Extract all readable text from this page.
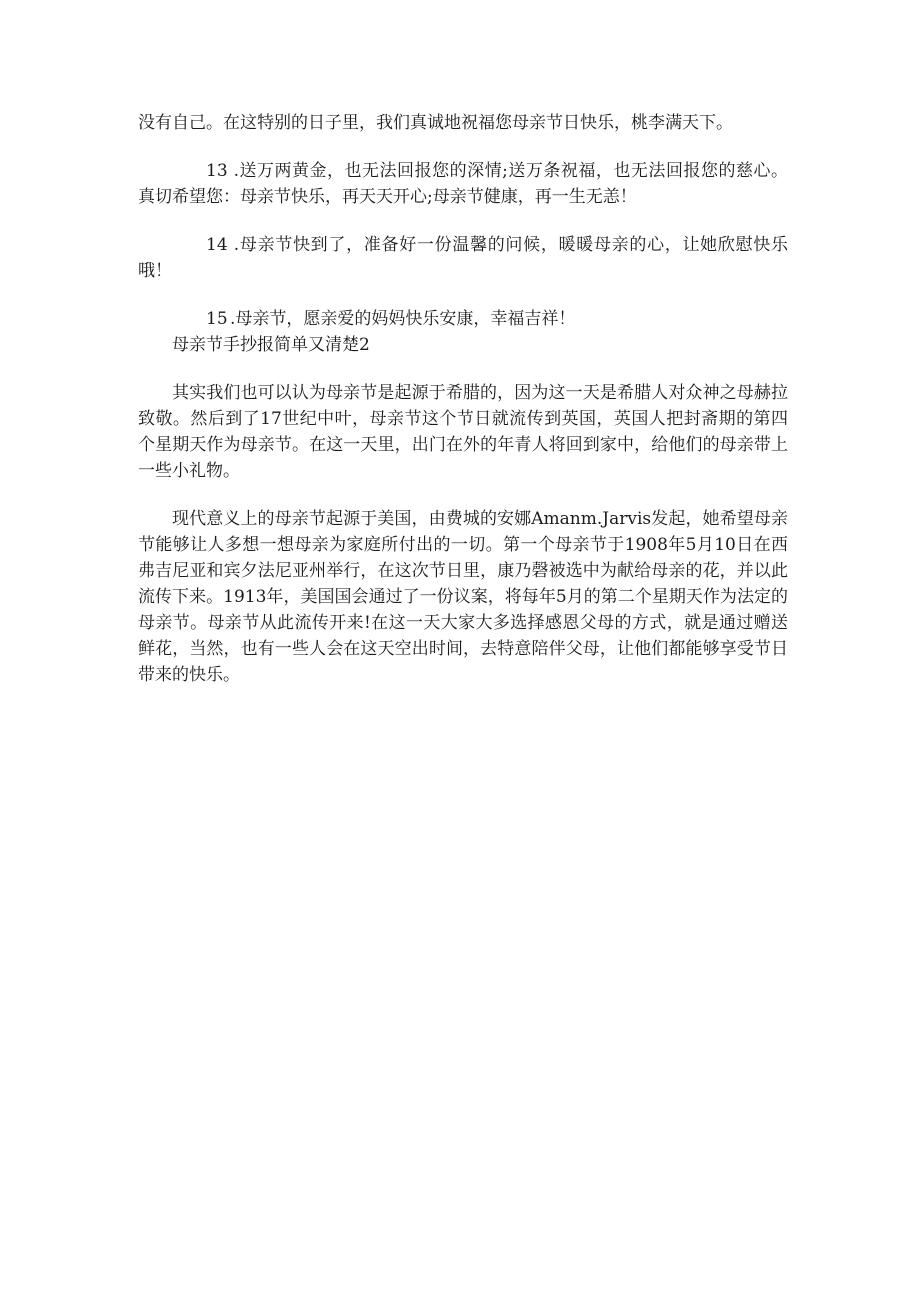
没有自己。在这特别的日子里，我们真诚地祝福您母亲节日快乐，桃李满天下。

13 .送万两黄金，也无法回报您的深情;送万条祝福，也无法回报您的慈心。真切希望您：母亲节快乐，再天天开心;母亲节健康，再一生无恙！

14 .母亲节快到了，准备好一份温馨的问候，暖暖母亲的心，让她欣慰快乐哦！

15 .母亲节，愿亲爱的妈妈快乐安康，幸福吉祥！

母亲节手抄报简单又清楚2

其实我们也可以认为母亲节是起源于希腊的，因为这一天是希腊人对众神之母赫拉致敬。然后到了17世纪中叶，母亲节这个节日就流传到英国，英国人把封斋期的第四个星期天作为母亲节。在这一天里，出门在外的年青人将回到家中，给他们的母亲带上一些小礼物。

现代意义上的母亲节起源于美国，由费城的安娜Amanm.Jarvis发起，她希望母亲节能够让人多想一想母亲为家庭所付出的一切。第一个母亲节于1908年5月10日在西弗吉尼亚和宾夕法尼亚州举行，在这次节日里，康乃磬被选中为献给母亲的花，并以此流传下来。1913年，美国国会通过了一份议案，将每年5月的第二个星期天作为法定的母亲节。母亲节从此流传开来!在这一天大家大多选择感恩父母的方式，就是通过赠送鲜花，当然，也有一些人会在这天空出时间，去特意陪伴父母，让他们都能够享受节日带来的快乐。
